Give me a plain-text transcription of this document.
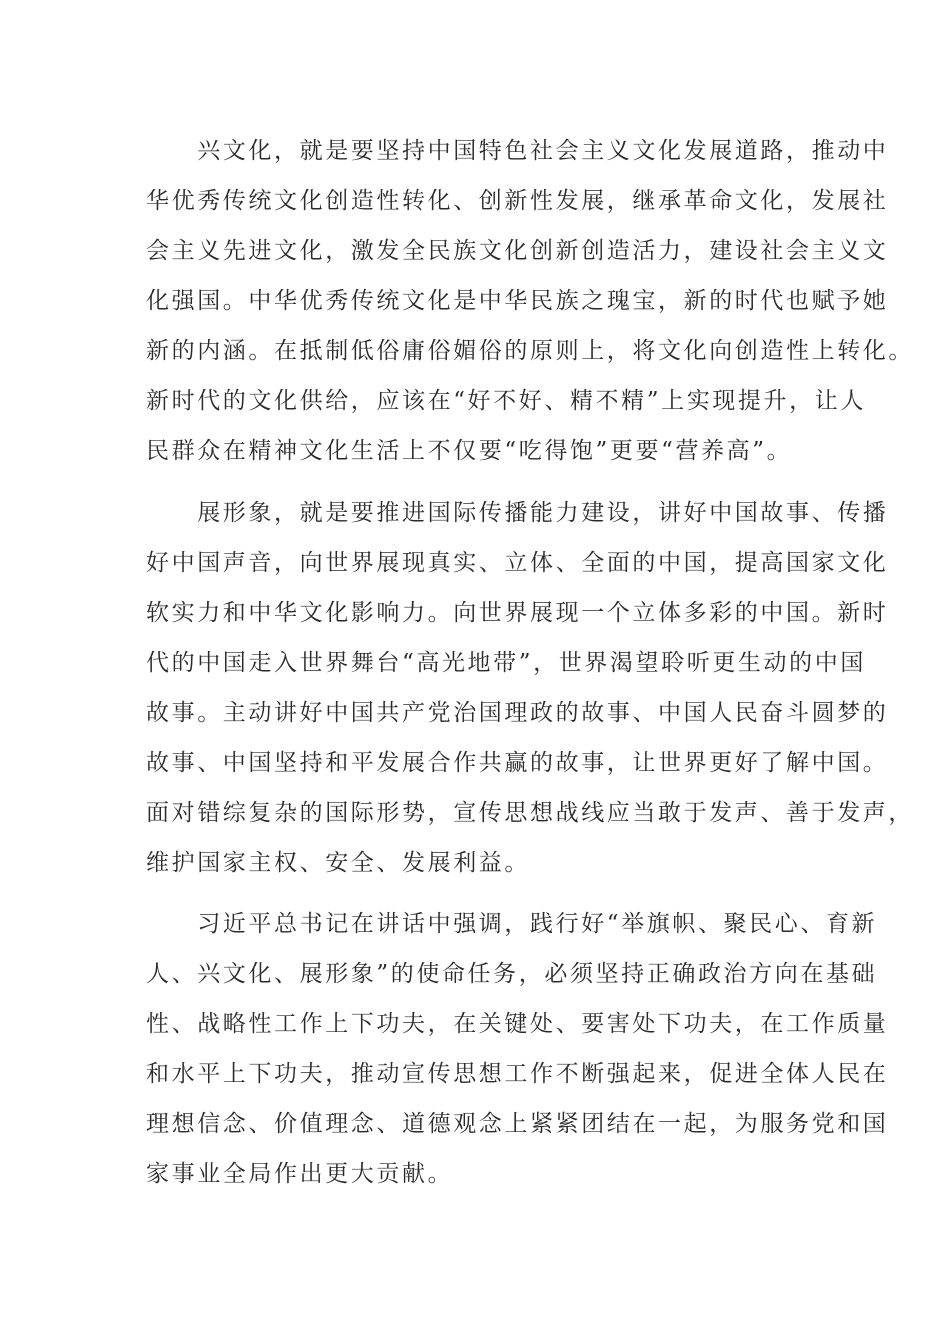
　　兴文化，就是要坚持中国特色社会主义文化发展道路，推动中
华优秀传统文化创造性转化、创新性发展，继承革命文化，发展社
会主义先进文化，激发全民族文化创新创造活力，建设社会主义文
化强国。中华优秀传统文化是中华民族之瑰宝，新的时代也赋予她
新的内涵。在抵制低俗庸俗媚俗的原则上，将文化向创造性上转化。
新时代的文化供给，应该在“好不好、精不精”上实现提升，让人
民群众在精神文化生活上不仅要“吃得饱”更要“营养高”。
　　展形象，就是要推进国际传播能力建设，讲好中国故事、传播
好中国声音，向世界展现真实、立体、全面的中国，提高国家文化
软实力和中华文化影响力。向世界展现一个立体多彩的中国。新时
代的中国走入世界舞台“高光地带”，世界渴望聆听更生动的中国
故事。主动讲好中国共产党治国理政的故事、中国人民奋斗圆梦的
故事、中国坚持和平发展合作共赢的故事，让世界更好了解中国。
面对错综复杂的国际形势，宣传思想战线应当敢于发声、善于发声，
维护国家主权、安全、发展利益。
　　习近平总书记在讲话中强调，践行好“举旗帜、聚民心、育新
人、兴文化、展形象”的使命任务，必须坚持正确政治方向在基础
性、战略性工作上下功夫，在关键处、要害处下功夫，在工作质量
和水平上下功夫，推动宣传思想工作不断强起来，促进全体人民在
理想信念、价值理念、道德观念上紧紧团结在一起，为服务党和国
家事业全局作出更大贡献。
